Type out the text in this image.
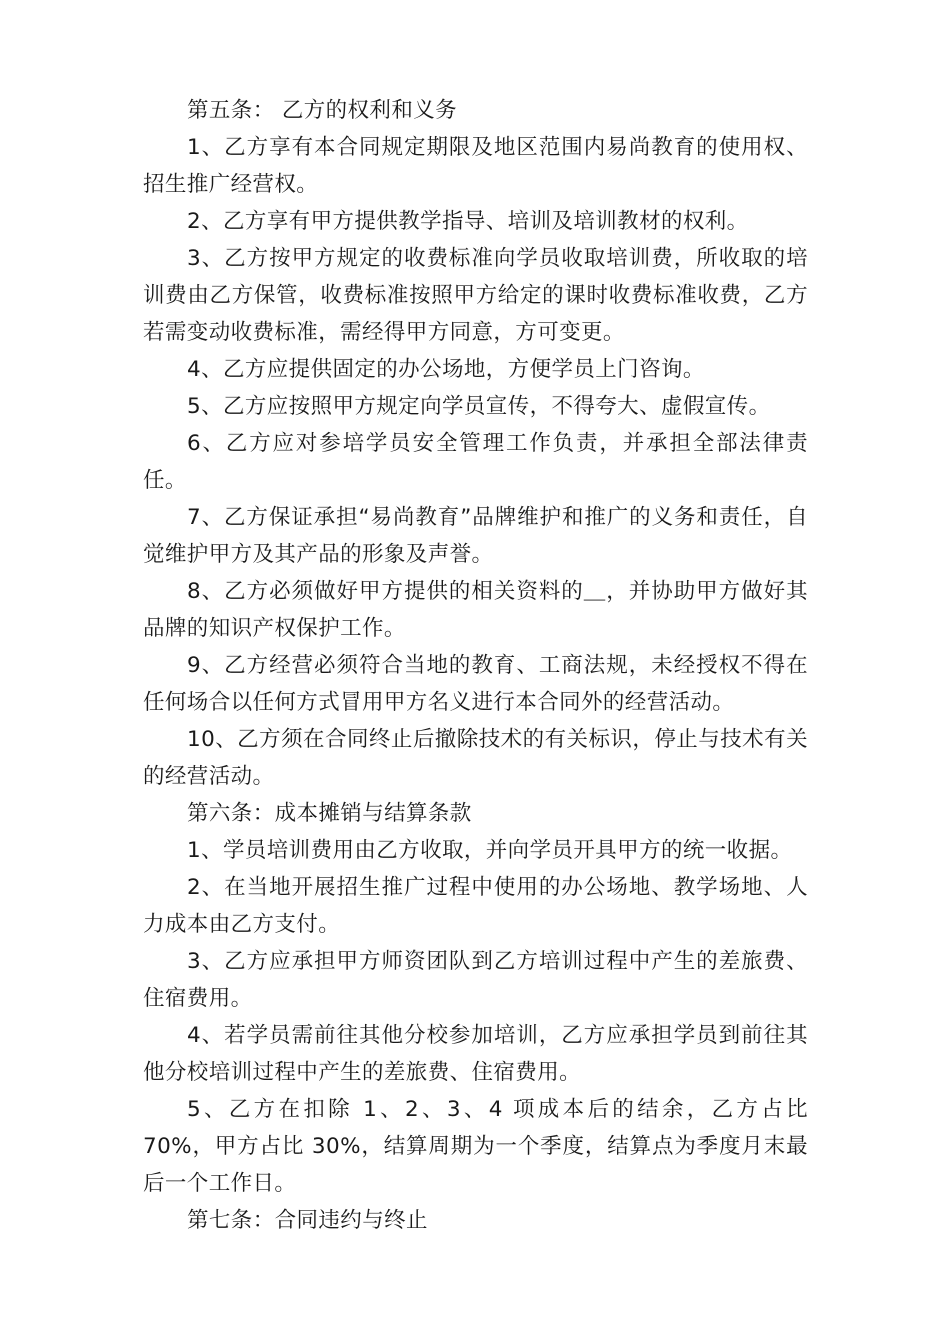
第五条： 乙方的权利和义务

1、乙方享有本合同规定期限及地区范围内易尚教育的使用权、招生推广经营权。

2、乙方享有甲方提供教学指导、培训及培训教材的权利。

3、乙方按甲方规定的收费标准向学员收取培训费，所收取的培训费由乙方保管，收费标准按照甲方给定的课时收费标准收费，乙方若需变动收费标准，需经得甲方同意，方可变更。

4、乙方应提供固定的办公场地，方便学员上门咨询。

5、乙方应按照甲方规定向学员宣传，不得夸大、虚假宣传。

6、乙方应对参培学员安全管理工作负责，并承担全部法律责任。

7、乙方保证承担“易尚教育”品牌维护和推广的义务和责任，自觉维护甲方及其产品的形象及声誉。

8、乙方必须做好甲方提供的相关资料的＿，并协助甲方做好其品牌的知识产权保护工作。

9、乙方经营必须符合当地的教育、工商法规，未经授权不得在任何场合以任何方式冒用甲方名义进行本合同外的经营活动。

10、乙方须在合同终止后撤除技术的有关标识，停止与技术有关的经营活动。

第六条：成本摊销与结算条款

1、学员培训费用由乙方收取，并向学员开具甲方的统一收据。

2、在当地开展招生推广过程中使用的办公场地、教学场地、人力成本由乙方支付。

3、乙方应承担甲方师资团队到乙方培训过程中产生的差旅费、住宿费用。

4、若学员需前往其他分校参加培训，乙方应承担学员到前往其他分校培训过程中产生的差旅费、住宿费用。

5、乙方在扣除 1、2、3、4 项成本后的结余，乙方占比 70%，甲方占比 30%，结算周期为一个季度，结算点为季度月末最后一个工作日。

第七条：合同违约与终止
